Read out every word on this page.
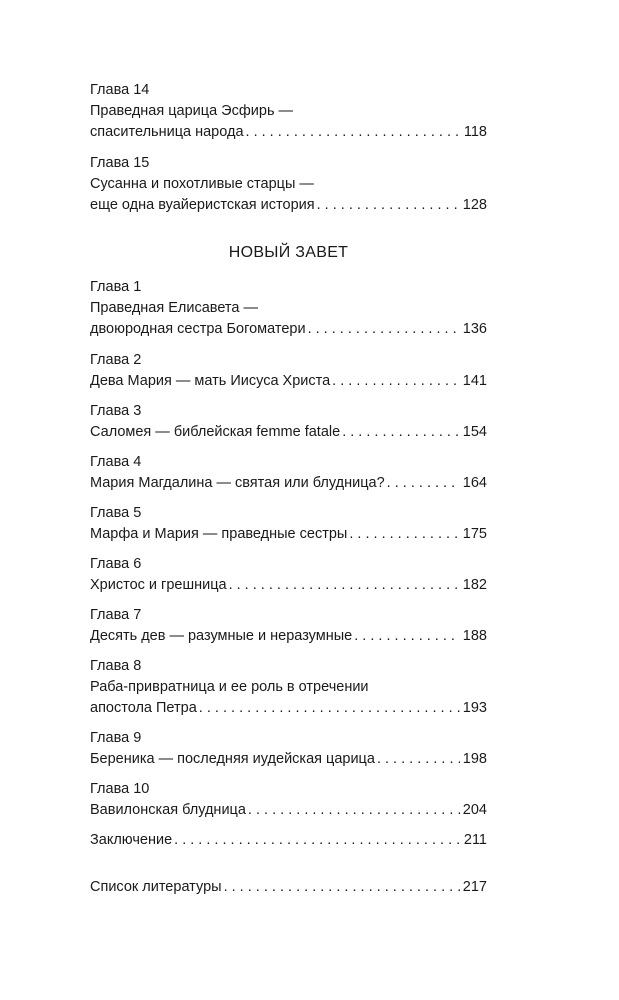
Глава 14
Праведная царица Эсфирь —
спасительница народа . . .	118
Глава 15
Сусанна и похотливые старцы —
еще одна вуайеристская история . . .	128
НОВЫЙ ЗАВЕТ
Глава 1
Праведная Елисавета —
двоюродная сестра Богоматери . . .	136
Глава 2
Дева Мария — мать Иисуса Христа . . .	141
Глава 3
Саломея — библейская femme fatale . . .	154
Глава 4
Мария Магдалина — святая или блудница? . . .	164
Глава 5
Марфа и Мария — праведные сестры . . .	175
Глава 6
Христос и грешница . . .	182
Глава 7
Десять дев — разумные и неразумные . . .	188
Глава 8
Раба-привратница и ее роль в отречении
апостола Петра . . .	193
Глава 9
Береника — последняя иудейская царица . . .	198
Глава 10
Вавилонская блудница . . .	204
Заключение . . .	211
Список литературы . . .	217
